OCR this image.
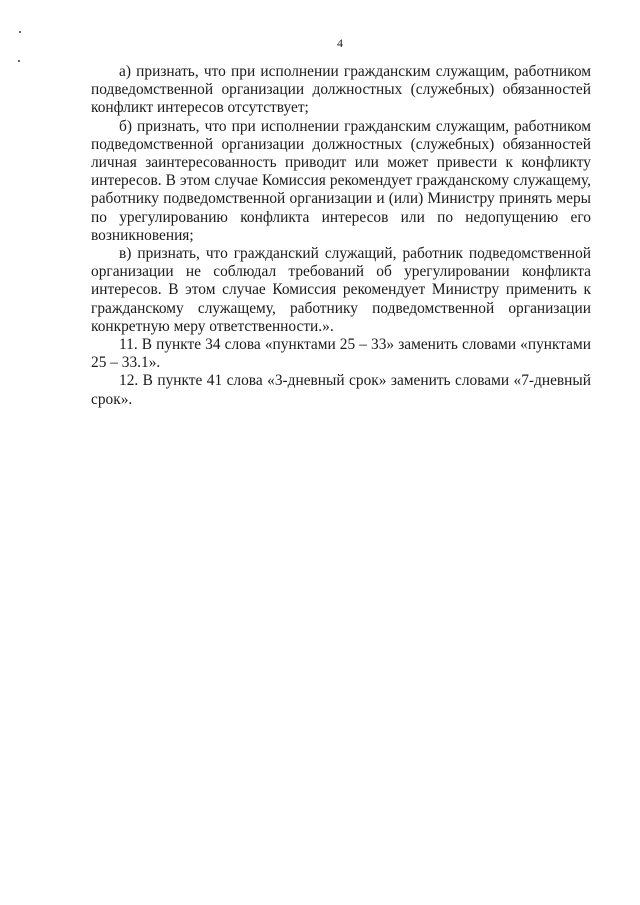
4

а) признать, что при исполнении гражданским служащим, работником подведомственной организации должностных (служебных) обязанностей конфликт интересов отсутствует;

б) признать, что при исполнении гражданским служащим, работником подведомственной организации должностных (служебных) обязанностей личная заинтересованность приводит или может привести к конфликту интересов. В этом случае Комиссия рекомендует гражданскому служащему, работнику подведомственной организации и (или) Министру принять меры по урегулированию конфликта интересов или по недопущению его возникновения;

в) признать, что гражданский служащий, работник подведомственной организации не соблюдал требований об урегулировании конфликта интересов. В этом случае Комиссия рекомендует Министру применить к гражданскому служащему, работнику подведомственной организации конкретную меру ответственности.».

11. В пункте 34 слова «пунктами 25 – 33» заменить словами «пунктами 25 – 33.1».

12. В пункте 41 слова «3-дневный срок» заменить словами «7-дневный срок».
